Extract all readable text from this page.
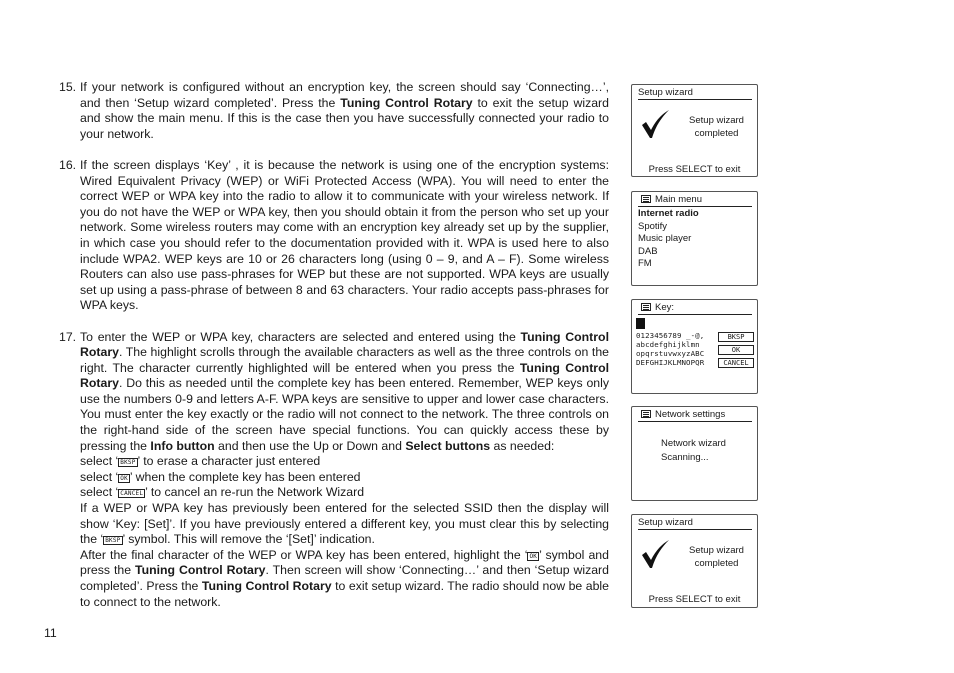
15. If your network is configured without an encryption key, the screen should say ‘Connecting…’, and then ‘Setup wizard completed’. Press the Tuning Control Rotary to exit the setup wizard and show the main menu. If this is the case then you have successfully connected your radio to your network.

16. If the screen displays ‘Key’ , it is because the network is using one of the encryption systems: Wired Equivalent Privacy (WEP) or WiFi Protected Access (WPA). You will need to enter the correct WEP or WPA key into the radio to allow it to communicate with your wireless network. If you do not have the WEP or WPA key, then you should obtain it from the person who set up your network. Some wireless routers may come with an encryption key already set up by the supplier, in which case you should refer to the documentation provided with it. WPA is used here to also include WPA2. WEP keys are 10 or 26 characters long (using 0 – 9, and A – F). Some wireless Routers can also use pass-phrases for WEP but these are not supported. WPA keys are usually set up using a pass-phrase of between 8 and 63 characters. Your radio accepts pass-phrases for WPA keys.

17. To enter the WEP or WPA key, characters are selected and entered using the Tuning Control Rotary. The highlight scrolls through the available characters as well as the three controls on the right. The character currently highlighted will be entered when you press the Tuning Control Rotary. Do this as needed until the complete key has been entered. Remember, WEP keys only use the numbers 0-9 and letters A-F. WPA keys are sensitive to upper and lower case characters. You must enter the key exactly or the radio will not connect to the network. The three controls on the right-hand side of the screen have special functions. You can quickly access these by pressing the Info button and then use the Up or Down and Select buttons as needed:

select ‘ BKSP ’ to erase a character just entered

select ‘ OK ’ when the complete key has been entered

select ‘ CANCEL ’ to cancel an re-run the Network Wizard

If a WEP or WPA key has previously been entered for the selected SSID then the display will show ‘Key: [Set]’. If you have previously entered a different key, you must clear this by selecting the ‘ BKSP ’ symbol. This will remove the ‘[Set]’ indication.

After the final character of the WEP or WPA key has been entered, highlight the ‘ OK ’ symbol and press the Tuning Control Rotary. Then screen will show ‘Connecting…’ and then ‘Setup wizard completed’. Press the Tuning Control Rotary to exit setup wizard. The radio should now be able to connect to the network.

11
Setup wizard
Setup wizard
completed
Press SELECT to exit
Main menu
Internet radio
Spotify
Music player
DAB
FM
Key:
0123456789 _-@,
abcdefghijklmn
opqrstuvwxyzABC
DEFGHIJKLMNOPQR
BKSP
OK
CANCEL
Network settings
Network wizard
Scanning...
Setup wizard
Setup wizard
completed
Press SELECT to exit
